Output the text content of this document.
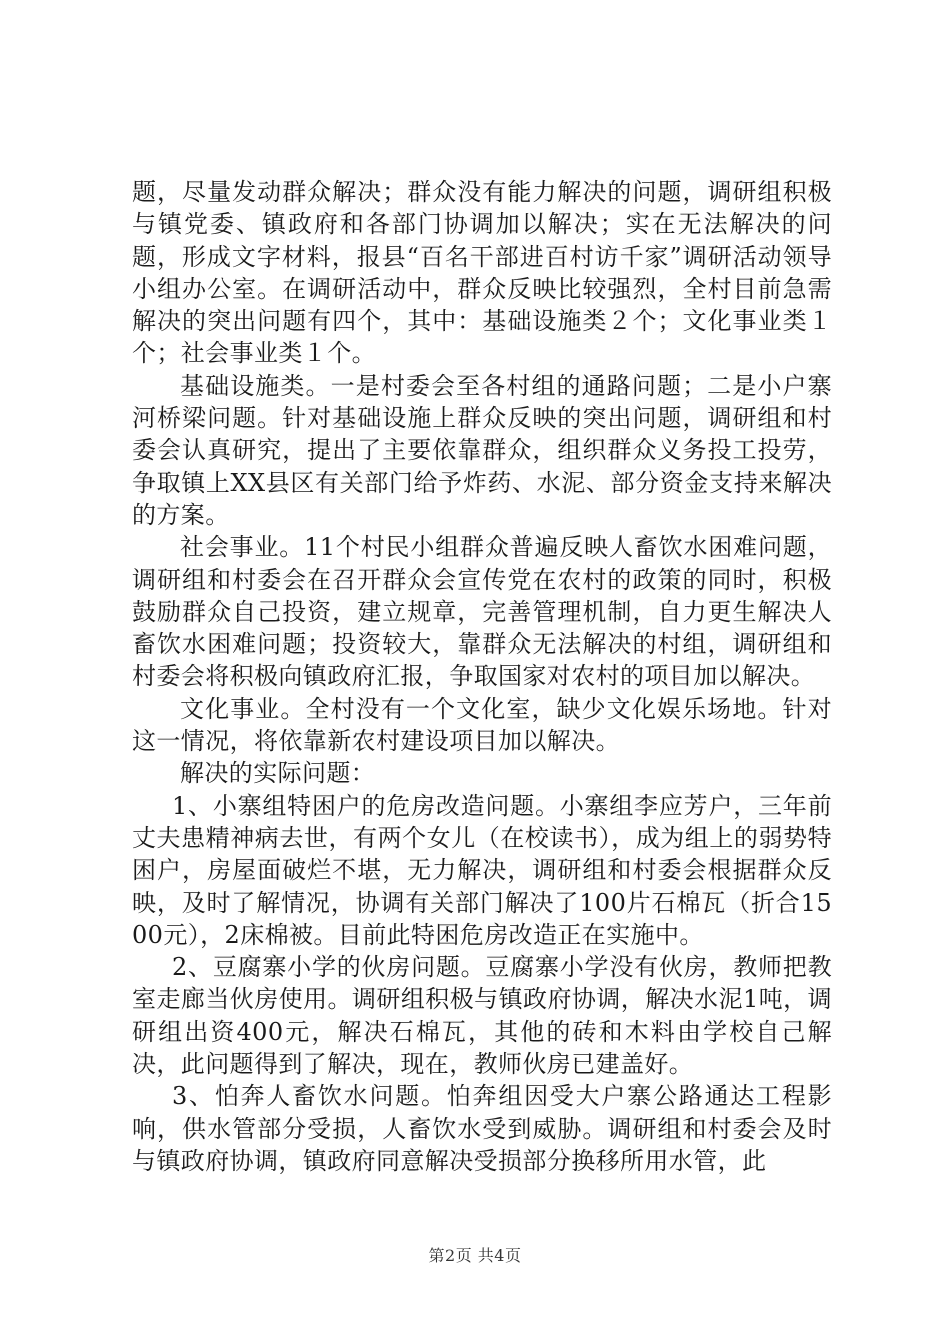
题，尽量发动群众解决；群众没有能力解决的问题，调研组积极与镇党委、镇政府和各部门协调加以解决；实在无法解决的问题，形成文字材料，报县“百名干部进百村访千家”调研活动领导小组办公室。在调研活动中，群众反映比较强烈，全村目前急需解决的突出问题有四个，其中：基础设施类２个；文化事业类１个；社会事业类１个。

基础设施类。一是村委会至各村组的通路问题；二是小户寨河桥梁问题。针对基础设施上群众反映的突出问题，调研组和村委会认真研究，提出了主要依靠群众，组织群众义务投工投劳，争取镇上XX县区有关部门给予炸药、水泥、部分资金支持来解决的方案。

社会事业。11个村民小组群众普遍反映人畜饮水困难问题，调研组和村委会在召开群众会宣传党在农村的政策的同时，积极鼓励群众自己投资，建立规章，完善管理机制，自力更生解决人畜饮水困难问题；投资较大，靠群众无法解决的村组，调研组和村委会将积极向镇政府汇报，争取国家对农村的项目加以解决。

文化事业。全村没有一个文化室，缺少文化娱乐场地。针对这一情况，将依靠新农村建设项目加以解决。

解决的实际问题：

1、小寨组特困户的危房改造问题。小寨组李应芳户，三年前丈夫患精神病去世，有两个女儿（在校读书），成为组上的弱势特困户，房屋面破烂不堪，无力解决，调研组和村委会根据群众反映，及时了解情况，协调有关部门解决了100片石棉瓦（折合1500元），2床棉被。目前此特困危房改造正在实施中。

2、豆腐寨小学的伙房问题。豆腐寨小学没有伙房，教师把教室走廊当伙房使用。调研组积极与镇政府协调，解决水泥1吨，调研组出资400元，解决石棉瓦，其他的砖和木料由学校自己解决，此问题得到了解决，现在，教师伙房已建盖好。

3、怕奔人畜饮水问题。怕奔组因受大户寨公路通达工程影响，供水管部分受损，人畜饮水受到威胁。调研组和村委会及时与镇政府协调，镇政府同意解决受损部分换移所用水管，此

第2页 共4页
